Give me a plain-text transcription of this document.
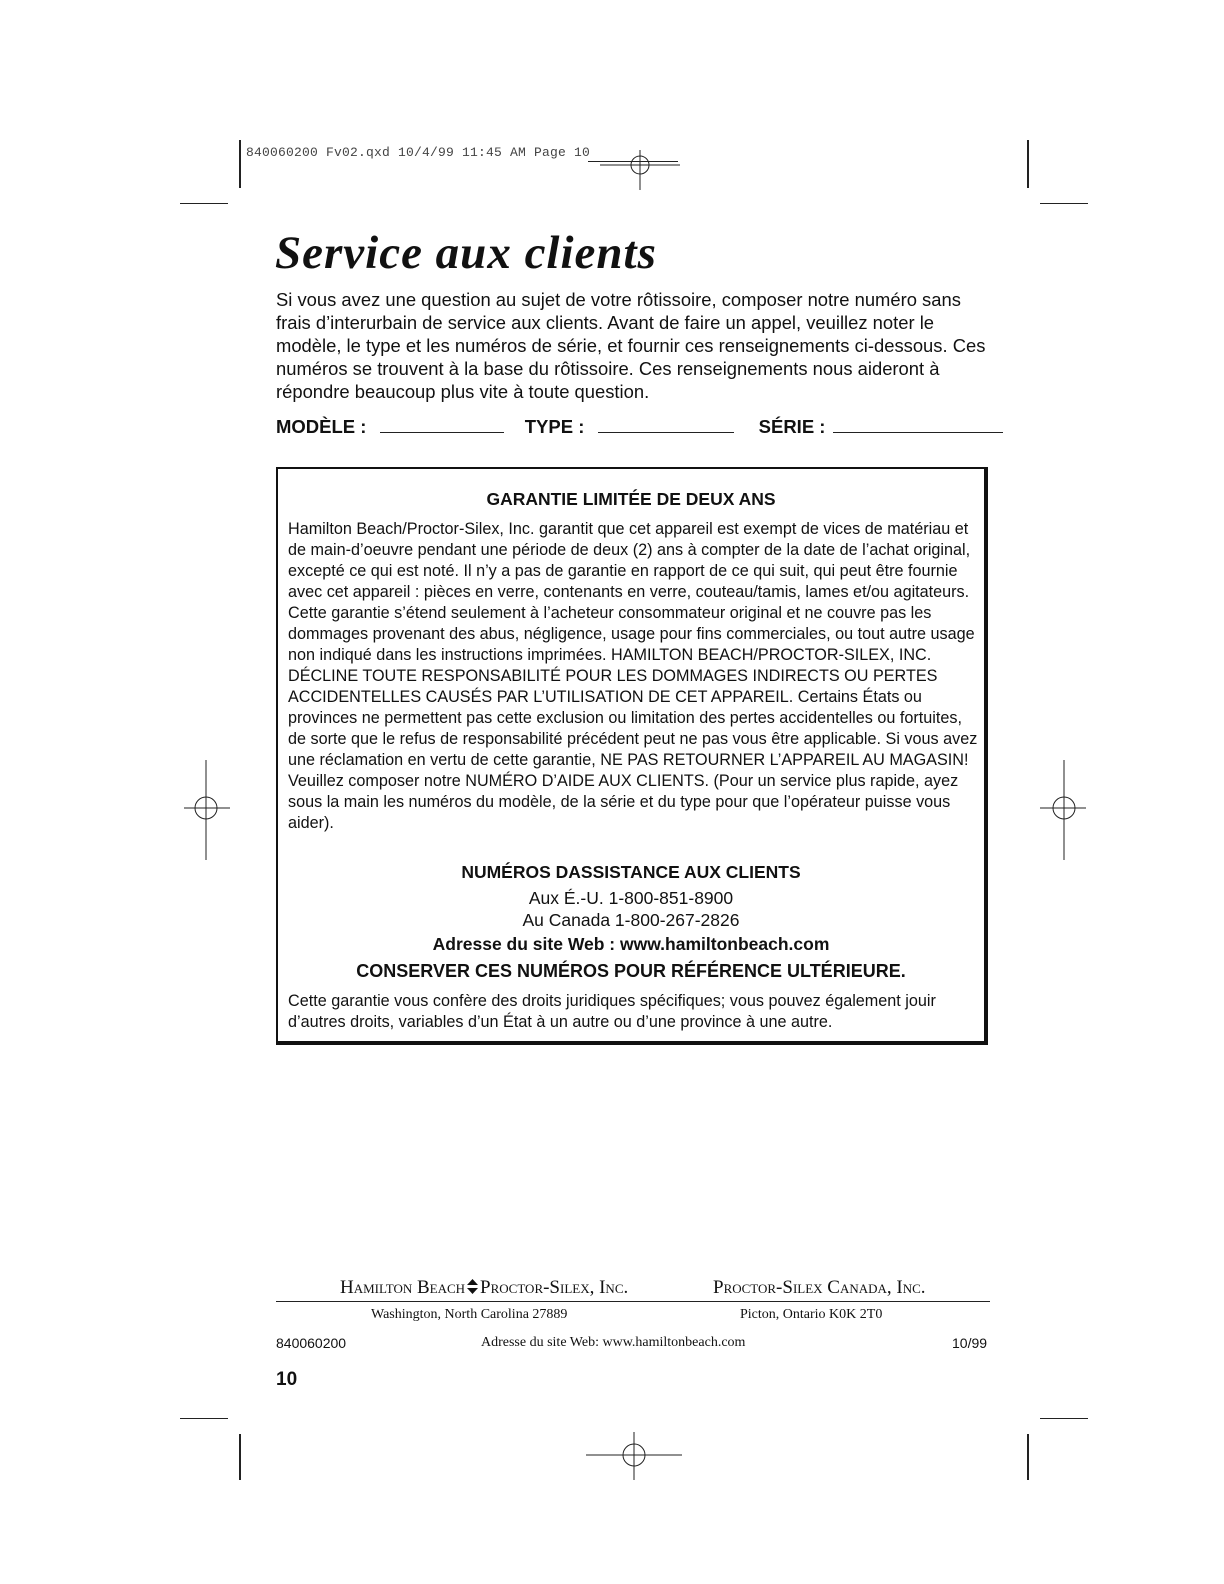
840060200 Fv02.qxd 10/4/99 11:45 AM Page 10
Service aux clients
Si vous avez une question au sujet de votre rôtissoire, composer notre numéro sans frais d’interurbain de service aux clients. Avant de faire un appel, veuillez noter le modèle, le type et les numéros de série, et fournir ces renseignements ci-dessous. Ces numéros se trouvent à la base du rôtissoire. Ces renseignements nous aideront à répondre beaucoup plus vite à toute question.
MODÈLE :	TYPE :	SÉRIE :
GARANTIE LIMITÉE DE DEUX ANS
Hamilton Beach/Proctor-Silex, Inc. garantit que cet appareil est exempt de vices de matériau et de main-d’oeuvre pendant une période de deux (2) ans à compter de la date de l’achat original, excepté ce qui est noté. Il n’y a pas de garantie en rapport de ce qui suit, qui peut être fournie avec cet appareil : pièces en verre, contenants en verre, couteau/tamis, lames et/ou agitateurs. Cette garantie s’étend seulement à l’acheteur consommateur original et ne couvre pas les dommages provenant des abus, négligence, usage pour fins commerciales, ou tout autre usage non indiqué dans les instructions imprimées. HAMILTON BEACH/PROCTOR-SILEX, INC. DÉCLINE TOUTE RESPONSABILITÉ POUR LES DOMMAGES INDIRECTS OU PERTES ACCIDENTELLES CAUSÉS PAR L’UTILISATION DE CET APPAREIL. Certains États ou provinces ne permettent pas cette exclusion ou limitation des pertes accidentelles ou fortuites, de sorte que le refus de responsabilité précédent peut ne pas vous être applicable. Si vous avez une réclamation en vertu de cette garantie, NE PAS RETOURNER L’APPAREIL AU MAGASIN! Veuillez composer notre NUMÉRO D’AIDE AUX CLIENTS. (Pour un service plus rapide, ayez sous la main les numéros du modèle, de la série et du type pour que l’opérateur puisse vous aider).
NUMÉROS DASSISTANCE AUX CLIENTS
Aux É.-U. 1-800-851-8900
Au Canada 1-800-267-2826
Adresse du site Web : www.hamiltonbeach.com
CONSERVER CES NUMÉROS POUR RÉFÉRENCE ULTÉRIEURE.
Cette garantie vous confère des droits juridiques spécifiques; vous pouvez également jouir d’autres droits, variables d’un État à un autre ou d’une province à une autre.
Hamilton Beach Proctor-Silex, Inc.	Proctor-Silex Canada, Inc.
Washington, North Carolina 27889	Picton, Ontario K0K 2T0
840060200	Adresse du site Web: www.hamiltonbeach.com	10/99
10
